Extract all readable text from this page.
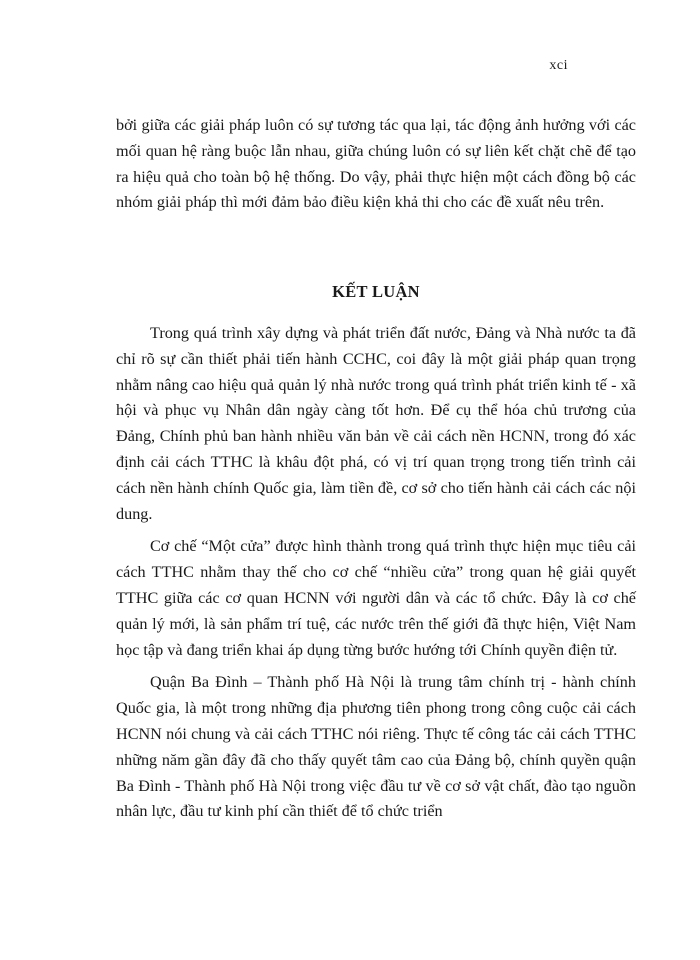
xci

bởi giữa các giải pháp luôn có sự tương tác qua lại, tác động ảnh hưởng với các mối quan hệ ràng buộc lẫn nhau, giữa chúng luôn có sự liên kết chặt chẽ để tạo ra hiệu quả cho toàn bộ hệ thống. Do vậy, phải thực hiện một cách đồng bộ các nhóm giải pháp thì mới đảm bảo điều kiện khả thi cho các đề xuất nêu trên.

KẾT LUẬN

Trong quá trình xây dựng và phát triển đất nước, Đảng và Nhà nước ta đã chỉ rõ sự cần thiết phải tiến hành CCHC, coi đây là một giải pháp quan trọng nhằm nâng cao hiệu quả quản lý nhà nước trong quá trình phát triển kinh tế - xã hội và phục vụ Nhân dân ngày càng tốt hơn. Để cụ thể hóa chủ trương của Đảng, Chính phủ ban hành nhiều văn bản về cải cách nền HCNN, trong đó xác định cải cách TTHC là khâu đột phá, có vị trí quan trọng trong tiến trình cải cách nền hành chính Quốc gia, làm tiền đề, cơ sở cho tiến hành cải cách các nội dung.

Cơ chế “Một cửa” được hình thành trong quá trình thực hiện mục tiêu cải cách TTHC nhằm thay thế cho cơ chế “nhiều cửa” trong quan hệ giải quyết TTHC giữa các cơ quan HCNN với người dân và các tổ chức. Đây là cơ chế quản lý mới, là sản phẩm trí tuệ, các nước trên thế giới đã thực hiện, Việt Nam học tập và đang triển khai áp dụng từng bước hướng tới Chính quyền điện tử.

Quận Ba Đình – Thành phố Hà Nội là trung tâm chính trị - hành chính Quốc gia, là một trong những địa phương tiên phong trong công cuộc cải cách HCNN nói chung và cải cách TTHC nói riêng. Thực tế công tác cải cách TTHC những năm gần đây đã cho thấy quyết tâm cao của Đảng bộ, chính quyền quận Ba Đình - Thành phố Hà Nội trong việc đầu tư về cơ sở vật chất, đào tạo nguồn nhân lực, đầu tư kinh phí cần thiết để tổ chức triển
